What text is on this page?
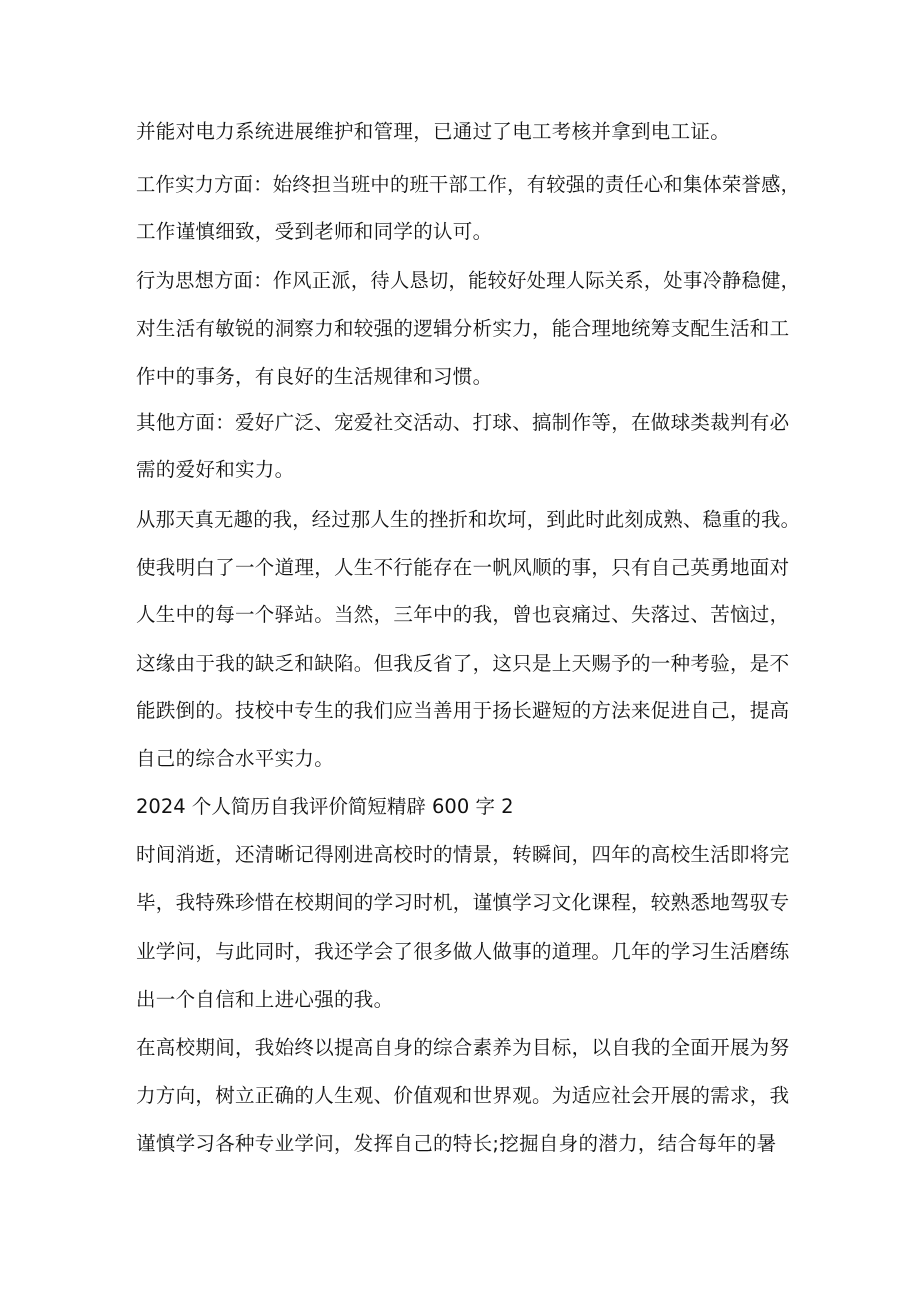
并能对电力系统进展维护和管理，已通过了电工考核并拿到电工证。
工作实力方面：始终担当班中的班干部工作，有较强的责任心和集体荣誉感，
工作谨慎细致，受到老师和同学的认可。
行为思想方面：作风正派，待人恳切，能较好处理人际关系，处事冷静稳健，
对生活有敏锐的洞察力和较强的逻辑分析实力，能合理地统筹支配生活和工
作中的事务，有良好的生活规律和习惯。
其他方面：爱好广泛、宠爱社交活动、打球、搞制作等，在做球类裁判有必
需的爱好和实力。
从那天真无趣的我，经过那人生的挫折和坎坷，到此时此刻成熟、稳重的我。
使我明白了一个道理，人生不行能存在一帆风顺的事，只有自己英勇地面对
人生中的每一个驿站。当然，三年中的我，曾也哀痛过、失落过、苦恼过，
这缘由于我的缺乏和缺陷。但我反省了，这只是上天赐予的一种考验，是不
能跌倒的。技校中专生的我们应当善用于扬长避短的方法来促进自己，提高
自己的综合水平实力。
2024 个人简历自我评价简短精辟 600 字 2
时间消逝，还清晰记得刚进高校时的情景，转瞬间，四年的高校生活即将完
毕，我特殊珍惜在校期间的学习时机，谨慎学习文化课程，较熟悉地驾驭专
业学问，与此同时，我还学会了很多做人做事的道理。几年的学习生活磨练
出一个自信和上进心强的我。
在高校期间，我始终以提高自身的综合素养为目标，以自我的全面开展为努
力方向，树立正确的人生观、价值观和世界观。为适应社会开展的需求，我
谨慎学习各种专业学问，发挥自己的特长;挖掘自身的潜力，结合每年的暑
